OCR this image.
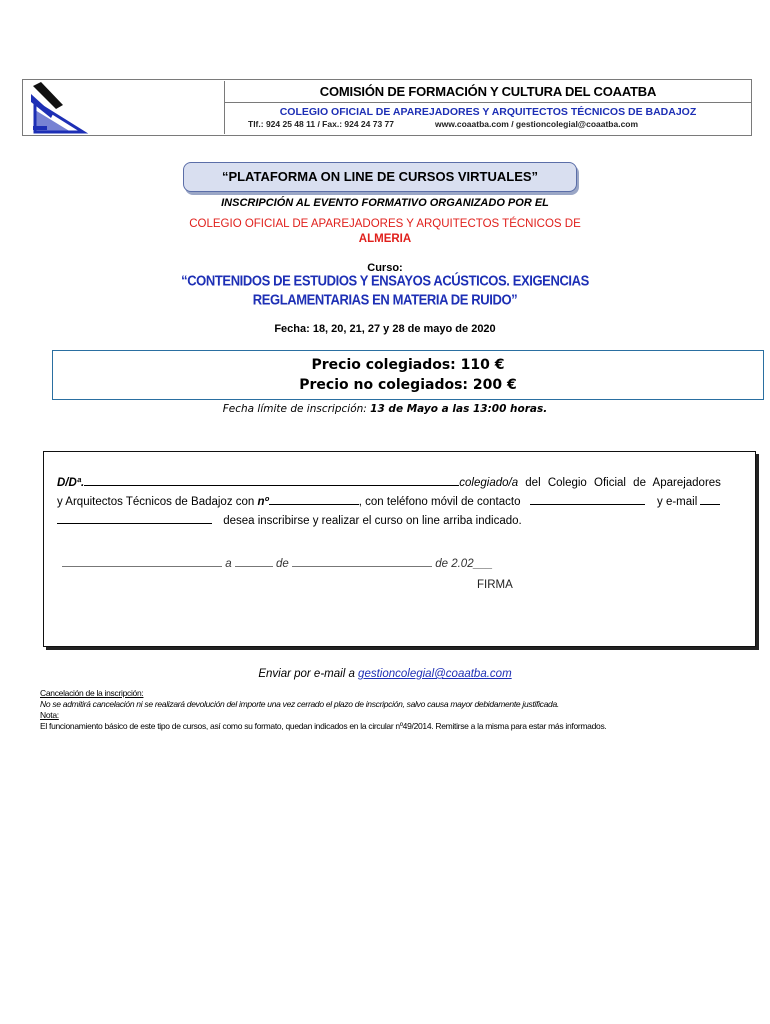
COMISIÓN DE FORMACIÓN Y CULTURA DEL COAATBA
COLEGIO OFICIAL DE APAREJADORES Y ARQUITECTOS TÉCNICOS DE BADAJOZ
Tlf.: 924 25 48 11 / Fax.: 924 24 73 77	www.coaatba.com / gestioncolegial@coaatba.com
“PLATAFORMA ON LINE DE CURSOS VIRTUALES”
INSCRIPCIÓN AL EVENTO FORMATIVO ORGANIZADO POR EL
COLEGIO OFICIAL DE APAREJADORES Y ARQUITECTOS TÉCNICOS DE
ALMERIA
Curso:
“CONTENIDOS DE ESTUDIOS Y ENSAYOS ACÚSTICOS. EXIGENCIAS
REGLAMENTARIAS EN MATERIA DE RUIDO”
Fecha: 18, 20, 21, 27 y 28 de mayo de 2020
Precio colegiados: 110 €
Precio no colegiados: 200 €
Fecha límite de inscripción: 13 de Mayo a las 13:00 horas.
D/Dª.	colegiado/a del Colegio Oficial de Aparejadores
y Arquitectos Técnicos de Badajoz con nº	, con teléfono móvil de contacto	y e-mail
desea inscribirse y realizar el curso on line arriba indicado.
a	de	de 2.02___
FIRMA
Enviar por e-mail a gestioncolegial@coaatba.com
Cancelación de la inscripción:
No se admitirá cancelación ni se realizará devolución del importe una vez cerrado el plazo de inscripción, salvo causa mayor debidamente justificada.
Nota:
El funcionamiento básico de este tipo de cursos, así como su formato, quedan indicados en la circular nº49/2014. Remitirse a la misma para estar más informados.
